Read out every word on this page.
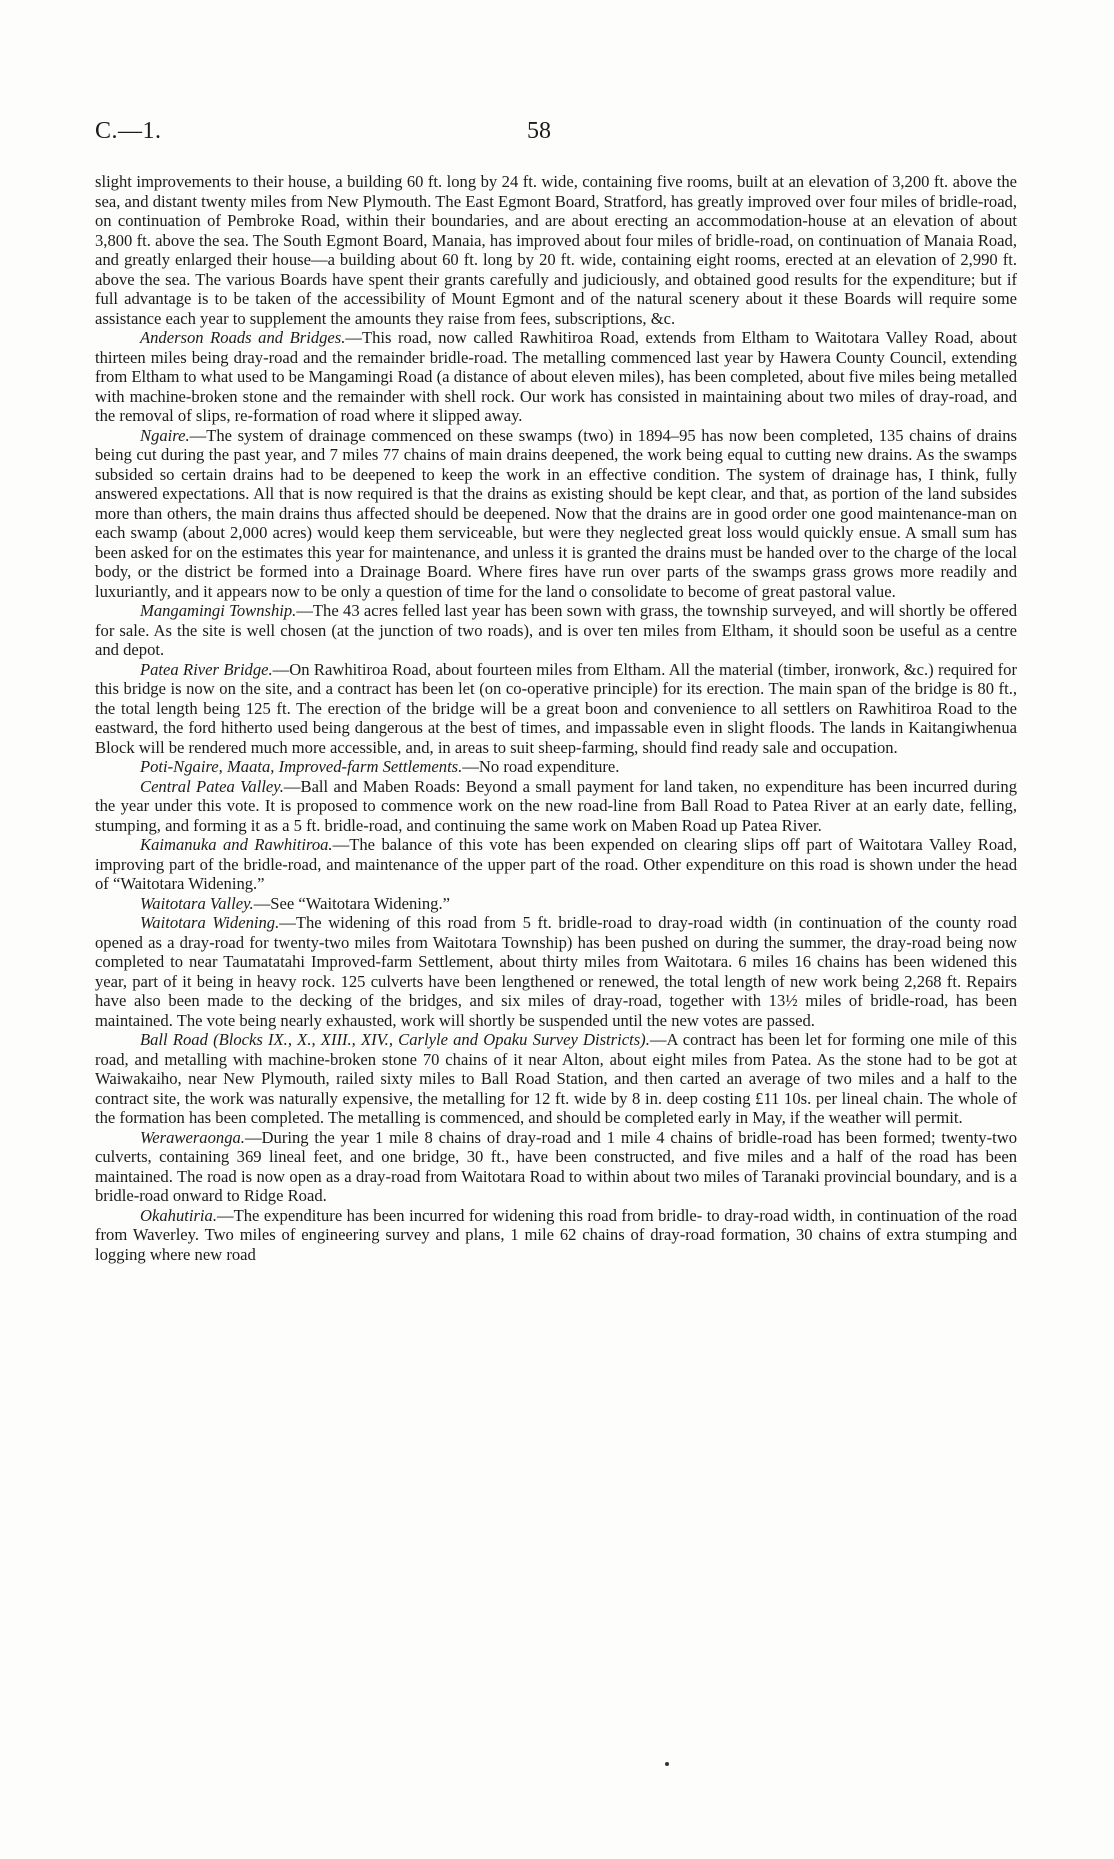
C.—1.	58

slight improvements to their house, a building 60 ft. long by 24 ft. wide, containing five rooms, built at an elevation of 3,200 ft. above the sea, and distant twenty miles from New Plymouth. The East Egmont Board, Stratford, has greatly improved over four miles of bridle-road, on continuation of Pembroke Road, within their boundaries, and are about erecting an accommodation-house at an elevation of about 3,800 ft. above the sea. The South Egmont Board, Manaia, has improved about four miles of bridle-road, on continuation of Manaia Road, and greatly enlarged their house—a building about 60 ft. long by 20 ft. wide, containing eight rooms, erected at an elevation of 2,990 ft. above the sea. The various Boards have spent their grants carefully and judiciously, and obtained good results for the expenditure; but if full advantage is to be taken of the accessibility of Mount Egmont and of the natural scenery about it these Boards will require some assistance each year to supplement the amounts they raise from fees, subscriptions, &c.

Anderson Roads and Bridges.—This road, now called Rawhitiroa Road, extends from Eltham to Waitotara Valley Road, about thirteen miles being dray-road and the remainder bridle-road. The metalling commenced last year by Hawera County Council, extending from Eltham to what used to be Mangamingi Road (a distance of about eleven miles), has been completed, about five miles being metalled with machine-broken stone and the remainder with shell rock. Our work has consisted in maintaining about two miles of dray-road, and the removal of slips, re-formation of road where it slipped away.

Ngaire.—The system of drainage commenced on these swamps (two) in 1894–95 has now been completed, 135 chains of drains being cut during the past year, and 7 miles 77 chains of main drains deepened, the work being equal to cutting new drains. As the swamps subsided so certain drains had to be deepened to keep the work in an effective condition. The system of drainage has, I think, fully answered expectations. All that is now required is that the drains as existing should be kept clear, and that, as portion of the land subsides more than others, the main drains thus affected should be deepened. Now that the drains are in good order one good maintenance-man on each swamp (about 2,000 acres) would keep them serviceable, but were they neglected great loss would quickly ensue. A small sum has been asked for on the estimates this year for maintenance, and unless it is granted the drains must be handed over to the charge of the local body, or the district be formed into a Drainage Board. Where fires have run over parts of the swamps grass grows more readily and luxuriantly, and it appears now to be only a question of time for the land o consolidate to become of great pastoral value.

Mangamingi Township.—The 43 acres felled last year has been sown with grass, the township surveyed, and will shortly be offered for sale. As the site is well chosen (at the junction of two roads), and is over ten miles from Eltham, it should soon be useful as a centre and depot.

Patea River Bridge.—On Rawhitiroa Road, about fourteen miles from Eltham. All the material (timber, ironwork, &c.) required for this bridge is now on the site, and a contract has been let (on co-operative principle) for its erection. The main span of the bridge is 80 ft., the total length being 125 ft. The erection of the bridge will be a great boon and convenience to all settlers on Rawhitiroa Road to the eastward, the ford hitherto used being dangerous at the best of times, and impassable even in slight floods. The lands in Kaitangiwhenua Block will be rendered much more accessible, and, in areas to suit sheep-farming, should find ready sale and occupation.

Poti-Ngaire, Maata, Improved-farm Settlements.—No road expenditure.

Central Patea Valley.—Ball and Maben Roads: Beyond a small payment for land taken, no expenditure has been incurred during the year under this vote. It is proposed to commence work on the new road-line from Ball Road to Patea River at an early date, felling, stumping, and forming it as a 5 ft. bridle-road, and continuing the same work on Maben Road up Patea River.

Kaimanuka and Rawhitiroa.—The balance of this vote has been expended on clearing slips off part of Waitotara Valley Road, improving part of the bridle-road, and maintenance of the upper part of the road. Other expenditure on this road is shown under the head of “Waitotara Widening.”

Waitotara Valley.—See “Waitotara Widening.”

Waitotara Widening.—The widening of this road from 5 ft. bridle-road to dray-road width (in continuation of the county road opened as a dray-road for twenty-two miles from Waitotara Township) has been pushed on during the summer, the dray-road being now completed to near Taumatatahi Improved-farm Settlement, about thirty miles from Waitotara. 6 miles 16 chains has been widened this year, part of it being in heavy rock. 125 culverts have been lengthened or renewed, the total length of new work being 2,268 ft. Repairs have also been made to the decking of the bridges, and six miles of dray-road, together with 13½ miles of bridle-road, has been maintained. The vote being nearly exhausted, work will shortly be suspended until the new votes are passed.

Ball Road (Blocks IX., X., XIII., XIV., Carlyle and Opaku Survey Districts).—A contract has been let for forming one mile of this road, and metalling with machine-broken stone 70 chains of it near Alton, about eight miles from Patea. As the stone had to be got at Waiwakaiho, near New Plymouth, railed sixty miles to Ball Road Station, and then carted an average of two miles and a half to the contract site, the work was naturally expensive, the metalling for 12 ft. wide by 8 in. deep costing £11 10s. per lineal chain. The whole of the formation has been completed. The metalling is commenced, and should be completed early in May, if the weather will permit.

Weraweraonga.—During the year 1 mile 8 chains of dray-road and 1 mile 4 chains of bridle-road has been formed; twenty-two culverts, containing 369 lineal feet, and one bridge, 30 ft., have been constructed, and five miles and a half of the road has been maintained. The road is now open as a dray-road from Waitotara Road to within about two miles of Taranaki provincial boundary, and is a bridle-road onward to Ridge Road.

Okahutiria.—The expenditure has been incurred for widening this road from bridle- to dray-road width, in continuation of the road from Waverley. Two miles of engineering survey and plans, 1 mile 62 chains of dray-road formation, 30 chains of extra stumping and logging where new road
